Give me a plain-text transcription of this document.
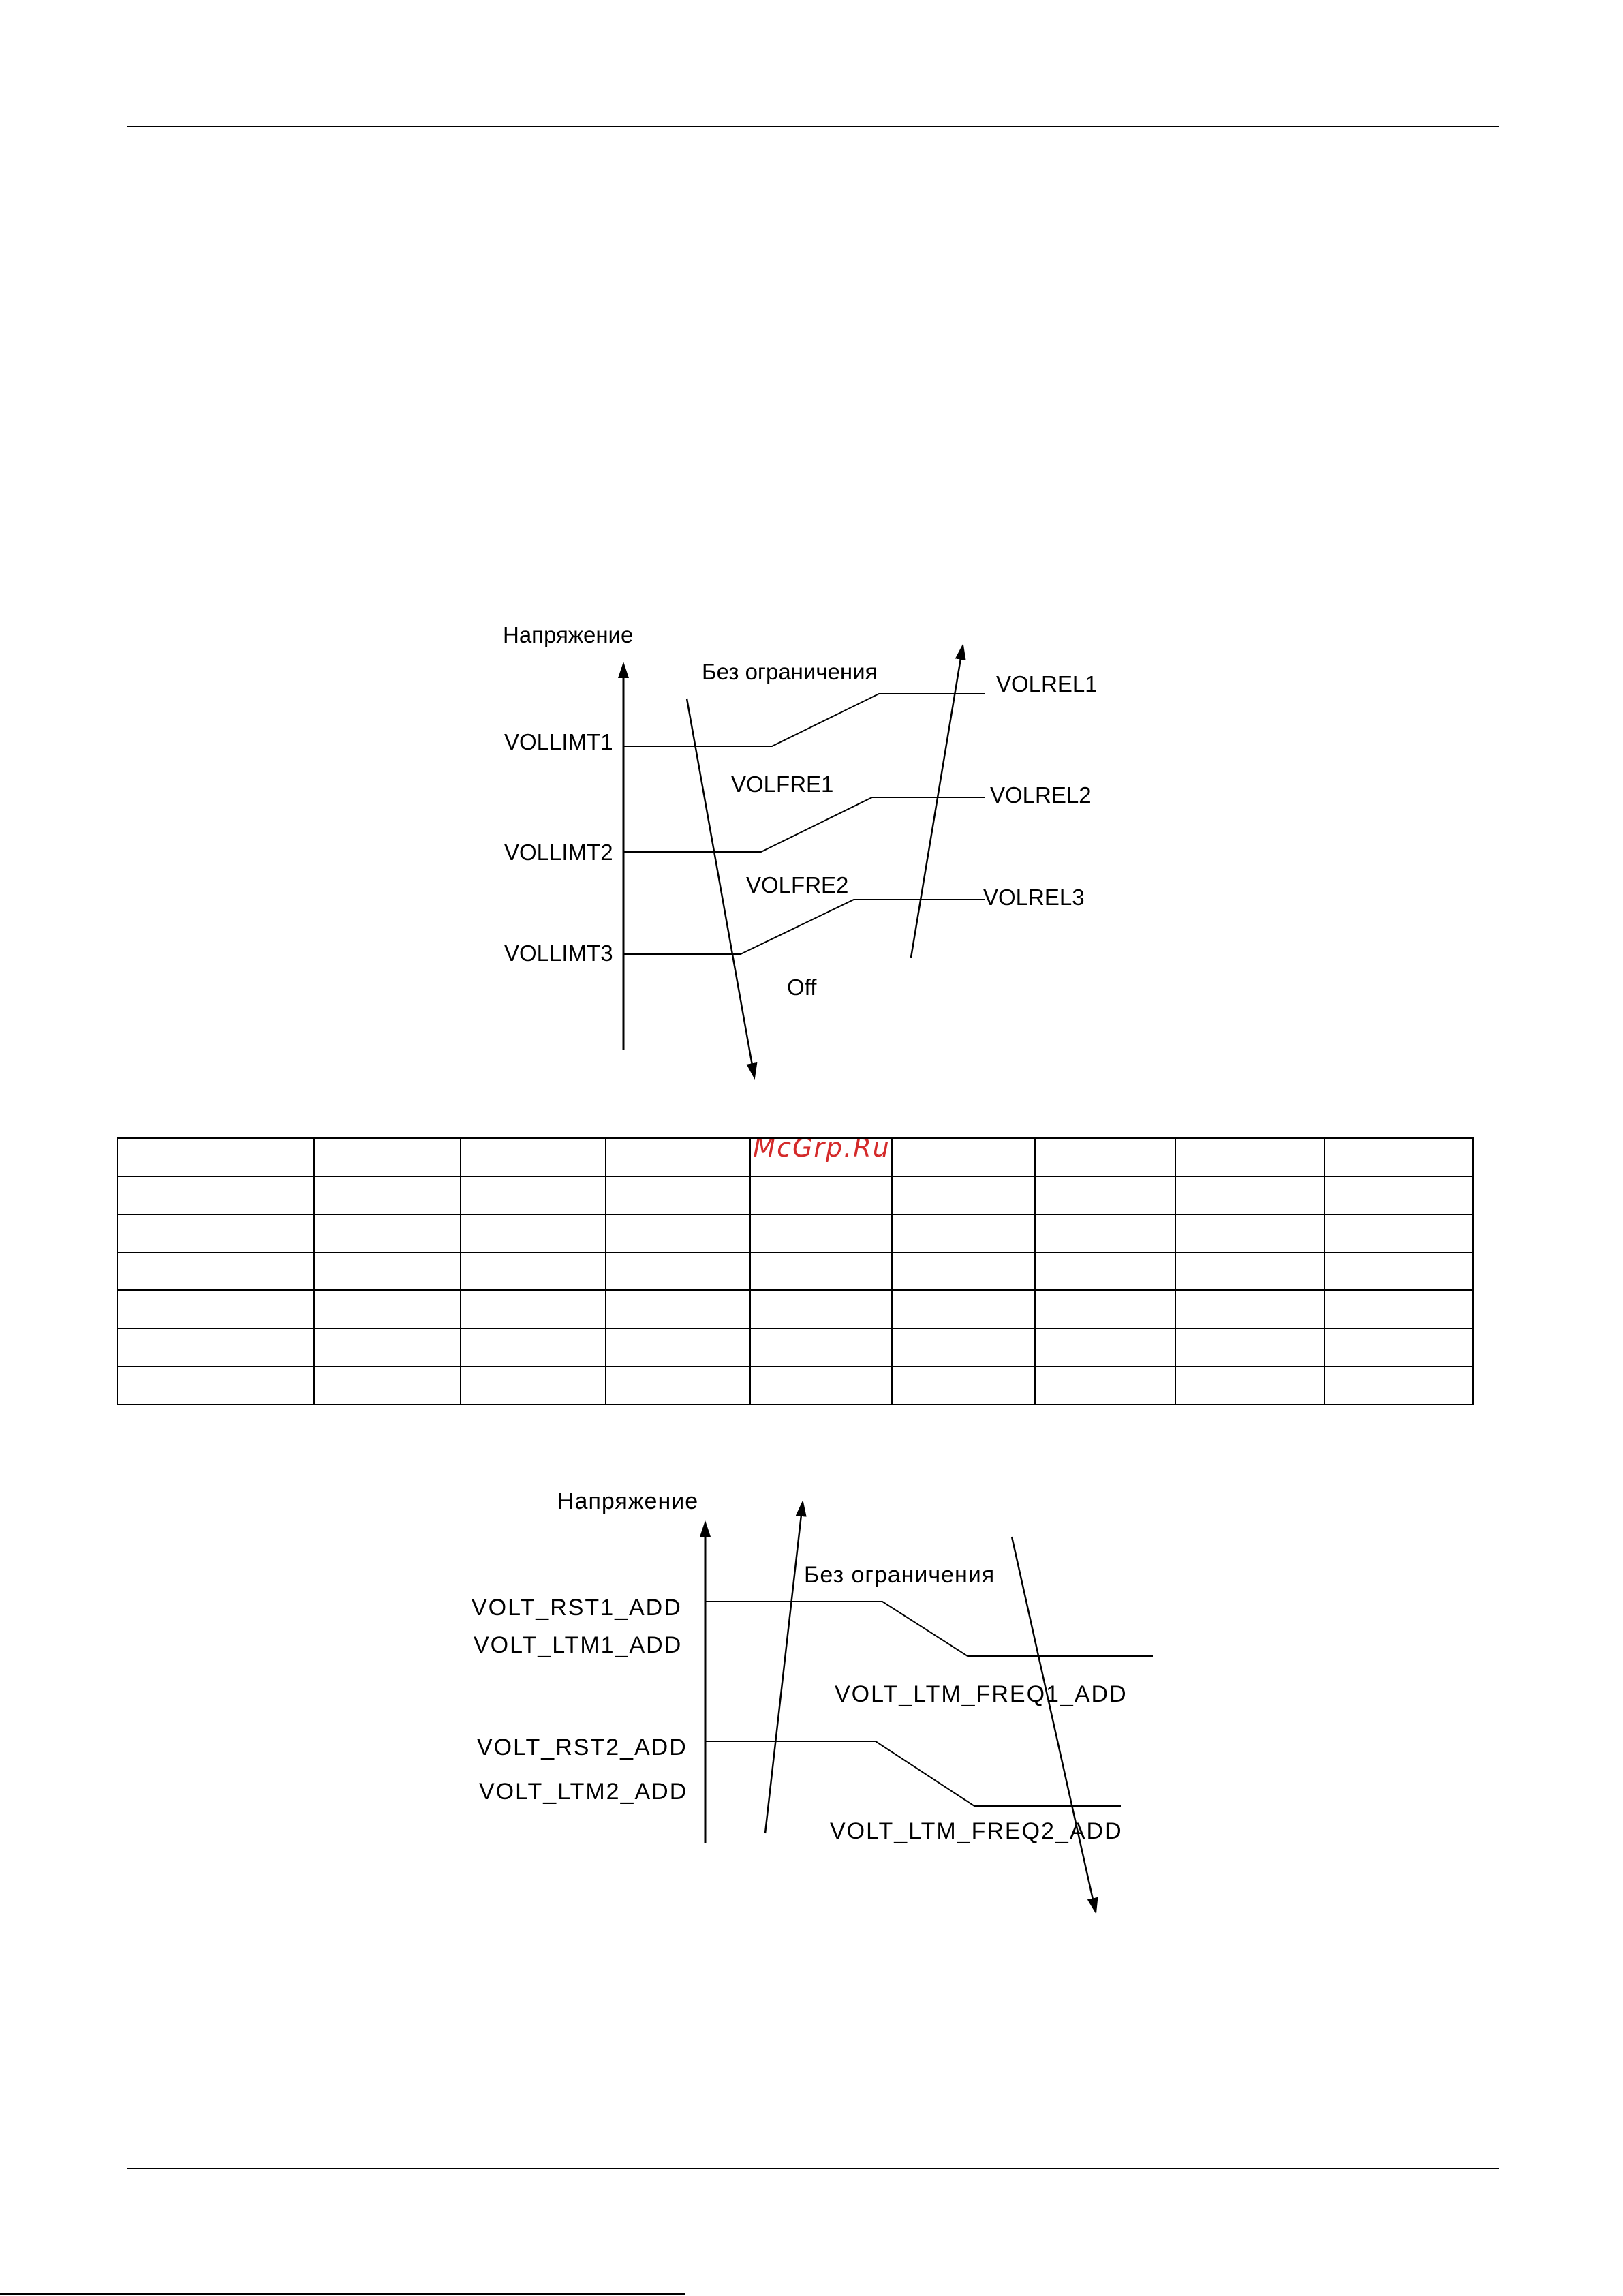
Напряжение
Без ограничения
VOLLIMT1
VOLLIMT2
VOLLIMT3
VOLFRE1
VOLFRE2
VOLREL1
VOLREL2
VOLREL3
Off
McGrp.Ru

Напряжение
Без ограничения
VOLT_RST1_ADD
VOLT_LTM1_ADD
VOLT_LTM_FREQ1_ADD
VOLT_RST2_ADD
VOLT_LTM2_ADD
VOLT_LTM_FREQ2_ADD
